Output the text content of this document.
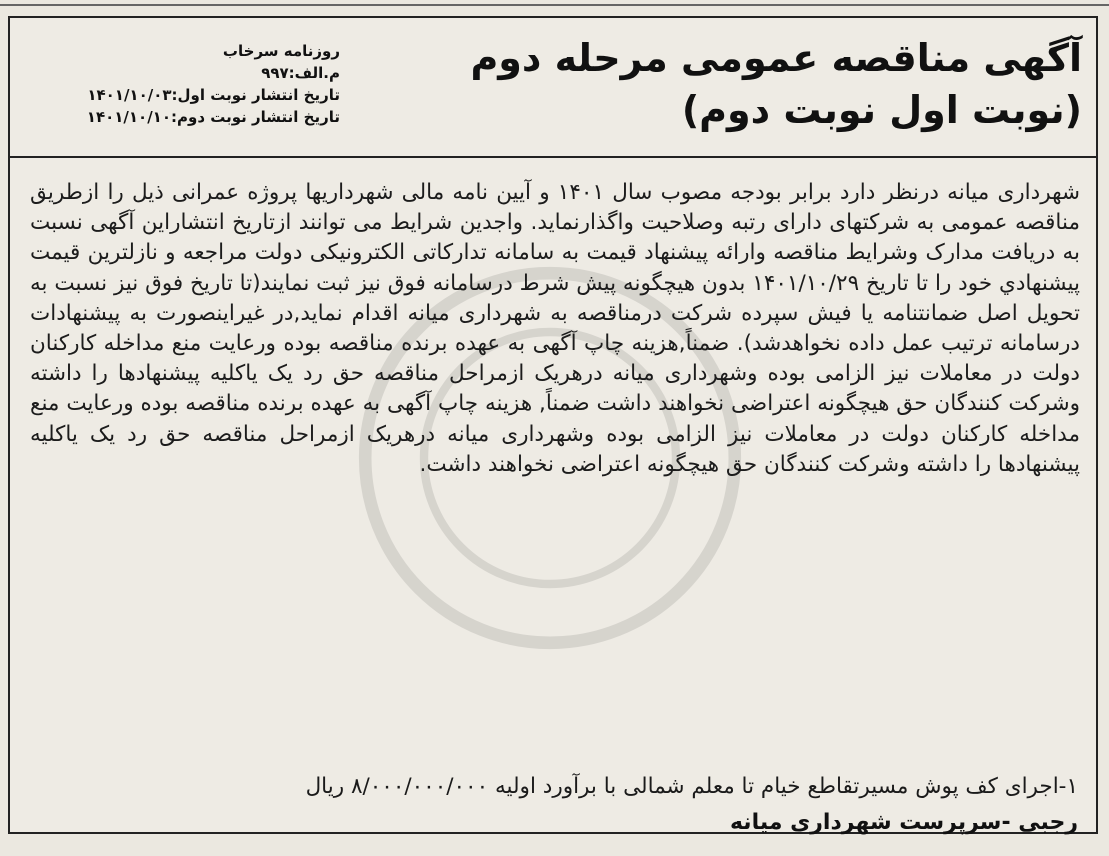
آگهی مناقصه عمومی مرحله دوم
(نوبت اول نوبت دوم)
روزنامه سرخاب
م.الف:۹۹۷
تاریخ انتشار نوبت اول:۱۴۰۱/۱۰/۰۳
تاریخ انتشار نوبت دوم:۱۴۰۱/۱۰/۱۰
شهرداری میانه درنظر دارد برابر بودجه مصوب سال ۱۴۰۱ و آیین نامه مالی شهرداریها پروژه عمرانی ذیل را ازطریق مناقصه عمومی به شرکتهای دارای رتبه وصلاحیت واگذارنماید. واجدین شرایط می توانند ازتاریخ انتشاراین آگهی نسبت به دریافت مدارک وشرایط مناقصه وارائه پیشنهاد قیمت به سامانه تدارکاتی الکترونیکی دولت مراجعه و نازلترین قیمت پیشنهادي خود را تا تاریخ ۱۴۰۱/۱۰/۲۹ بدون هیچگونه پیش شرط درسامانه فوق نیز ثبت نمایند(تا تاریخ فوق نیز نسبت به تحویل اصل ضمانتنامه یا فیش سپرده شرکت درمناقصه به شهرداری میانه اقدام نماید,در غیراینصورت به پیشنهادات درسامانه ترتیب عمل داده نخواهدشد). ضمناً,هزینه چاپ آگهی به عهده برنده مناقصه بوده ورعایت منع مداخله کارکنان دولت در معاملات نیز الزامی بوده وشهرداری میانه درهریک ازمراحل مناقصه حق رد یک یاکلیه پیشنهادها را داشته وشرکت کنندگان حق هیچگونه اعتراضی نخواهند داشت ضمناً, هزینه چاپ آگهی به عهده برنده مناقصه بوده ورعایت منع مداخله کارکنان دولت در معاملات نیز الزامی بوده وشهرداری میانه درهریک ازمراحل مناقصه حق رد یک یاکلیه پیشنهادها را داشته وشرکت کنندگان حق هیچگونه اعتراضی نخواهند داشت.
۱-اجرای کف پوش مسیرتقاطع خیام تا معلم شمالی با برآورد اولیه ۸/۰۰۰/۰۰۰/۰۰۰ ریال
رجبی -سرپرست شهرداری میانه
